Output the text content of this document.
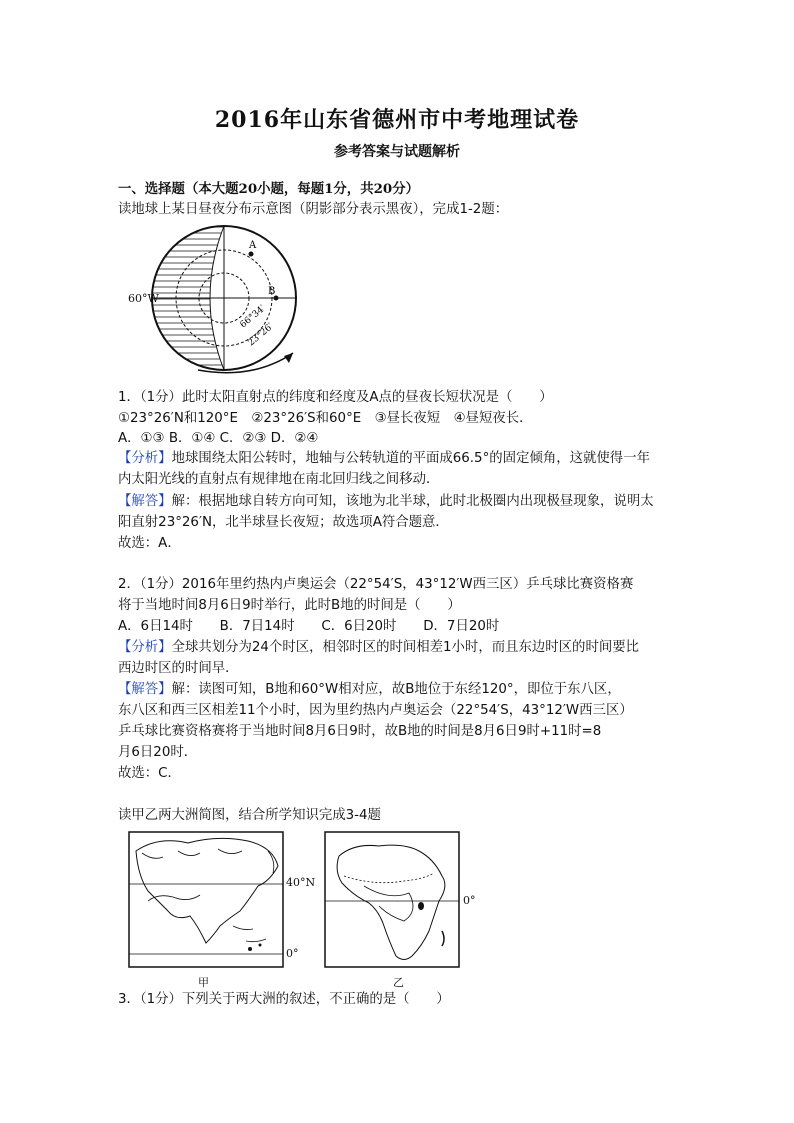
2016年山东省德州市中考地理试卷
参考答案与试题解析
一、选择题（本大题20小题，每题1分，共20分）
读地球上某日昼夜分布示意图（阴影部分表示黑夜），完成1-2题：
A
B
66°34′
23°26′
60°W
1．（1分）此时太阳直射点的纬度和经度及A点的昼夜长短状况是（　　）
①23°26′N和120°E　②23°26′S和60°E　③昼长夜短　④昼短夜长．
A．①③ B．①④ C．②③ D．②④
【分析】地球围绕太阳公转时，地轴与公转轨道的平面成66.5°的固定倾角，这就使得一年
内太阳光线的直射点有规律地在南北回归线之间移动．
【解答】解：根据地球自转方向可知，该地为北半球，此时北极圈内出现极昼现象，说明太
阳直射23°26′N，北半球昼长夜短；故选项A符合题意．
故选：A．
2．（1分）2016年里约热内卢奥运会（22°54′S，43°12′W西三区）乒乓球比赛资格赛
将于当地时间8月6日9时举行，此时B地的时间是（　　）
A．6日14时　　B．7日14时　　C．6日20时　　D．7日20时
【分析】全球共划分为24个时区，相邻时区的时间相差1小时，而且东边时区的时间要比
西边时区的时间早．
【解答】解：读图可知，B地和60°W相对应，故B地位于东经120°，即位于东八区，
东八区和西三区相差11个小时，因为里约热内卢奥运会（22°54′S，43°12′W西三区）
乒乓球比赛资格赛将于当地时间8月6日9时，故B地的时间是8月6日9时+11时=8
月6日20时．
故选：C．
读甲乙两大洲简图，结合所学知识完成3-4题
40°N
0°
甲
0°
乙
3．（1分）下列关于两大洲的叙述，不正确的是（　　）
